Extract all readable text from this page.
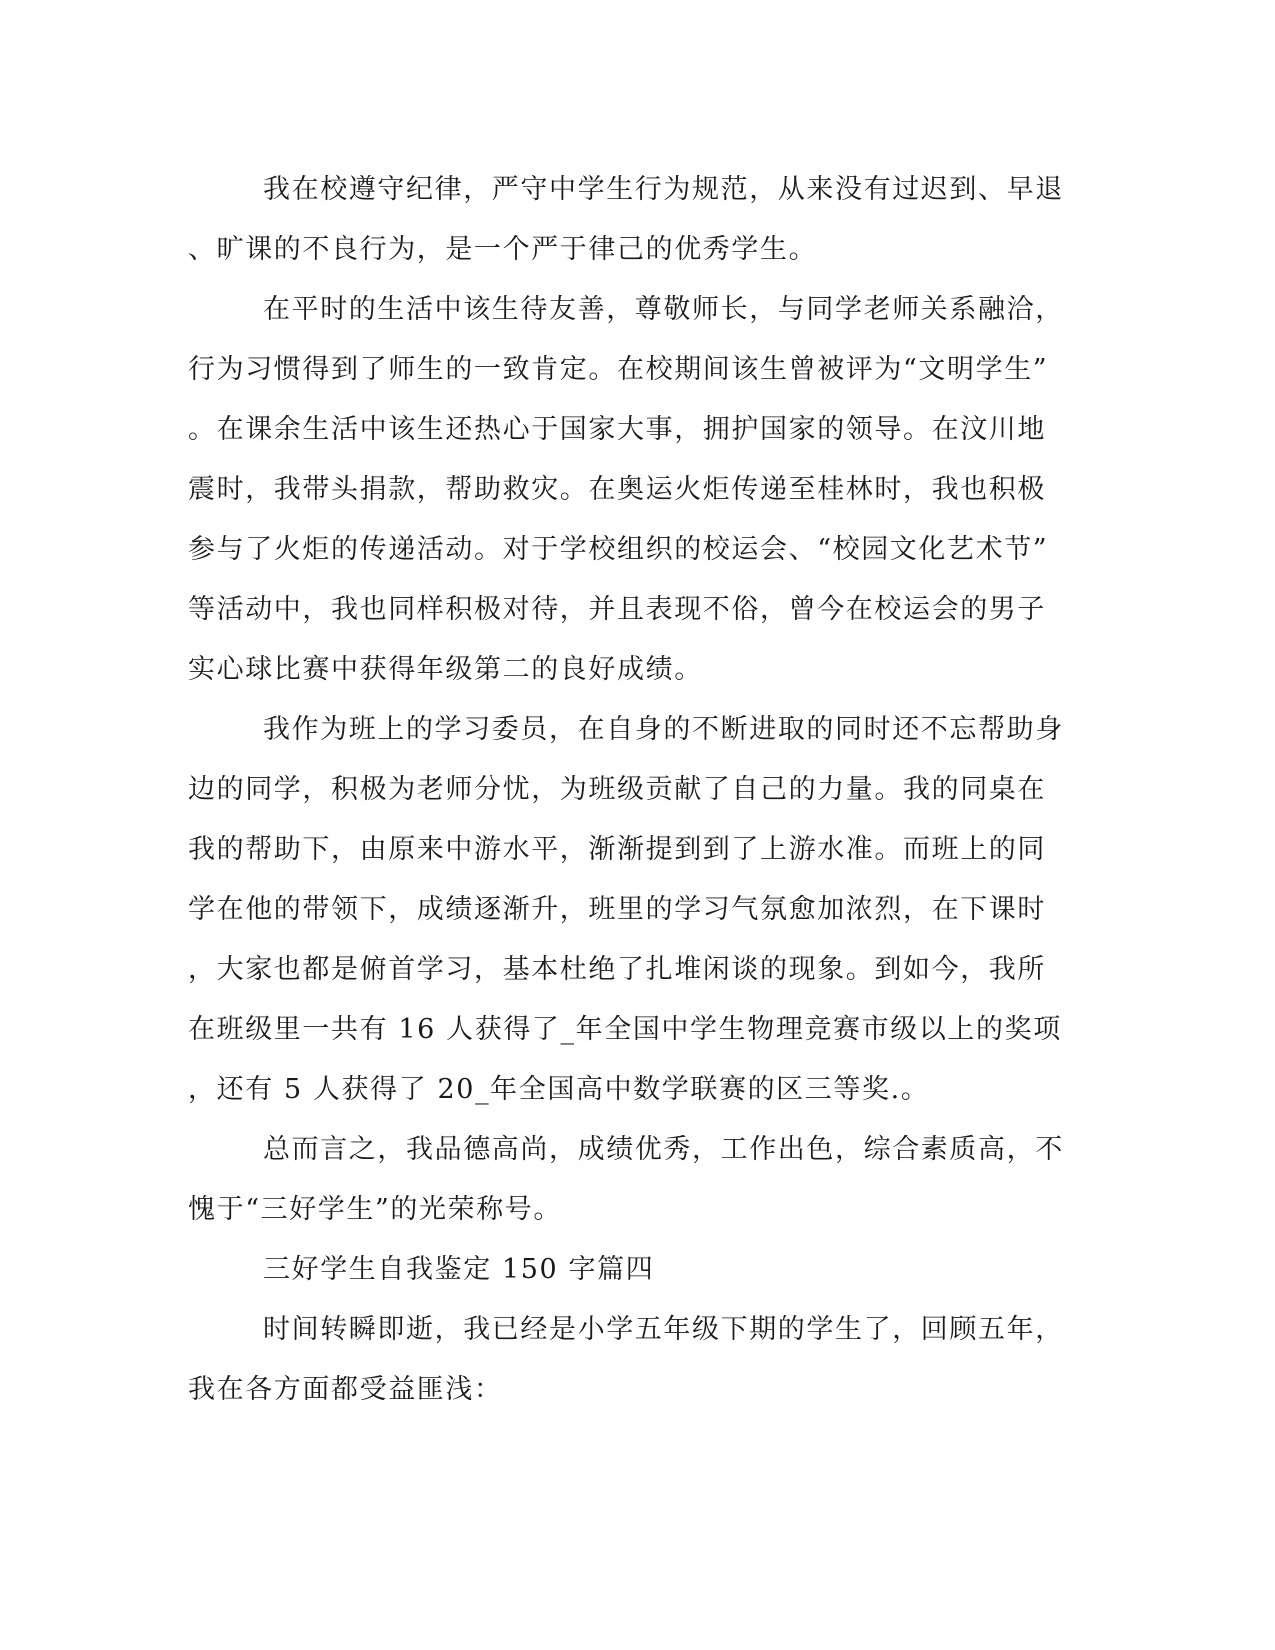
我在校遵守纪律，严守中学生行为规范，从来没有过迟到、早退
、旷课的不良行为，是一个严于律己的优秀学生。
在平时的生活中该生待友善，尊敬师长，与同学老师关系融洽，
行为习惯得到了师生的一致肯定。在校期间该生曾被评为“文明学生”
。在课余生活中该生还热心于国家大事，拥护国家的领导。在汶川地
震时，我带头捐款，帮助救灾。在奥运火炬传递至桂林时，我也积极
参与了火炬的传递活动。对于学校组织的校运会、“校园文化艺术节”
等活动中，我也同样积极对待，并且表现不俗，曾今在校运会的男子
实心球比赛中获得年级第二的良好成绩。
我作为班上的学习委员，在自身的不断进取的同时还不忘帮助身
边的同学，积极为老师分忧，为班级贡献了自己的力量。我的同桌在
我的帮助下，由原来中游水平，渐渐提到到了上游水准。而班上的同
学在他的带领下，成绩逐渐升，班里的学习气氛愈加浓烈，在下课时
，大家也都是俯首学习，基本杜绝了扎堆闲谈的现象。到如今，我所
在班级里一共有 16 人获得了_年全国中学生物理竞赛市级以上的奖项
，还有 5 人获得了 20_年全国高中数学联赛的区三等奖.。
总而言之，我品德高尚，成绩优秀，工作出色，综合素质高，不
愧于“三好学生”的光荣称号。
三好学生自我鉴定 150 字篇四
时间转瞬即逝，我已经是小学五年级下期的学生了，回顾五年，
我在各方面都受益匪浅：
